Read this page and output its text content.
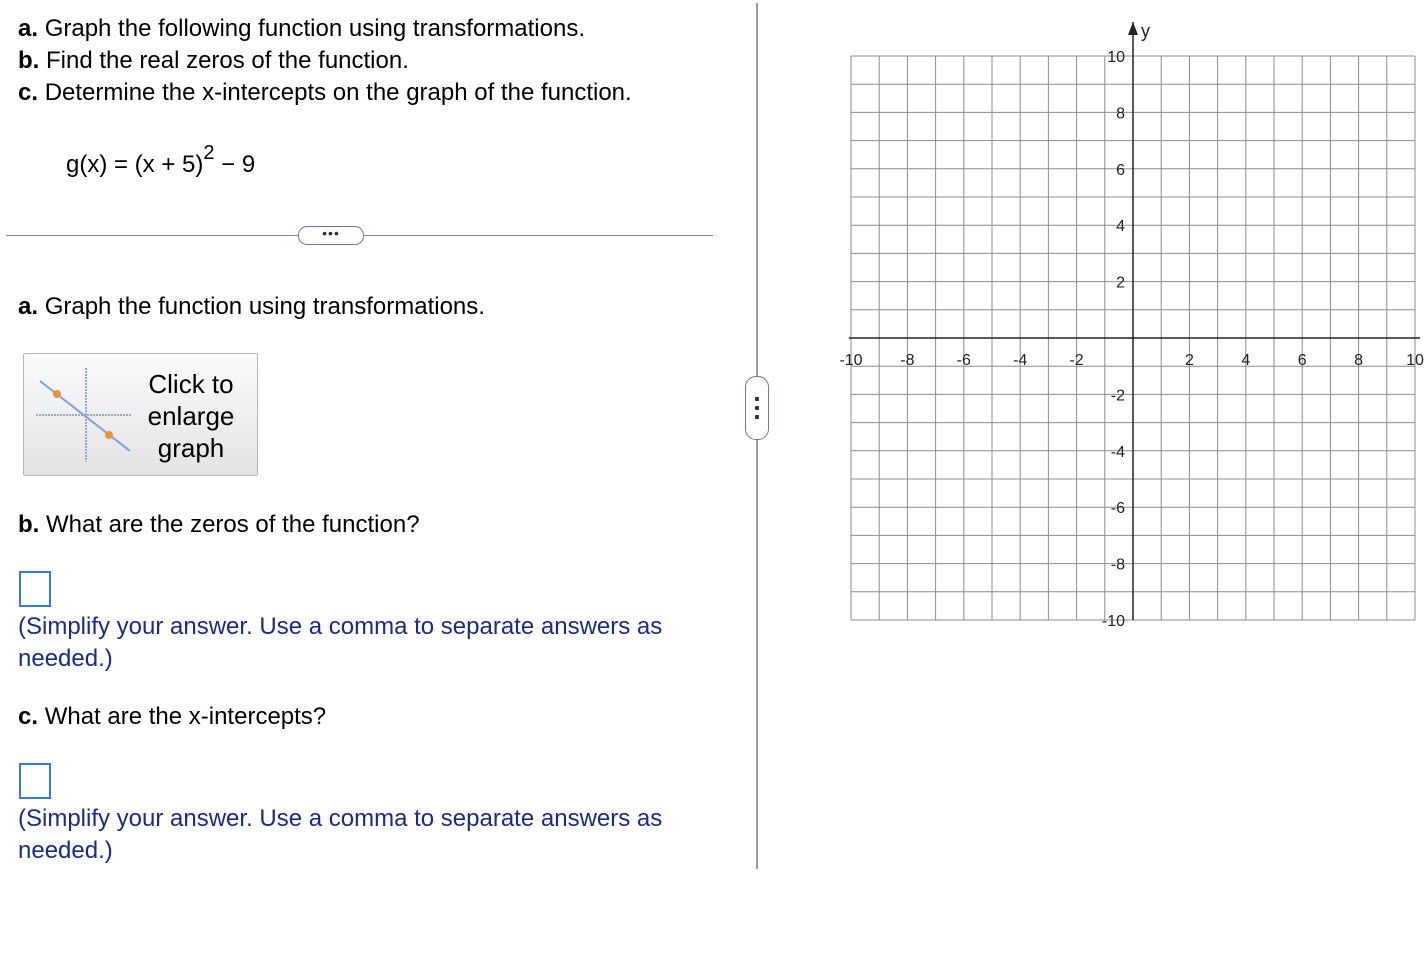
a. Graph the following function using transformations.
b. Find the real zeros of the function.
c. Determine the x-intercepts on the graph of the function.
$g(x) = (x + 5)^2 - 9$
•••
a. Graph the function using transformations.
Click to enlarge graph
b. What are the zeros of the function?
(Simplify your answer. Use a comma to separate answers as needed.)
c. What are the x-intercepts?
(Simplify your answer. Use a comma to separate answers as needed.)
y
-10 -8	-6	-4	-2	2	4	6	8	10
10
8
6
4
2
-2
-4
-6
-8
-10
